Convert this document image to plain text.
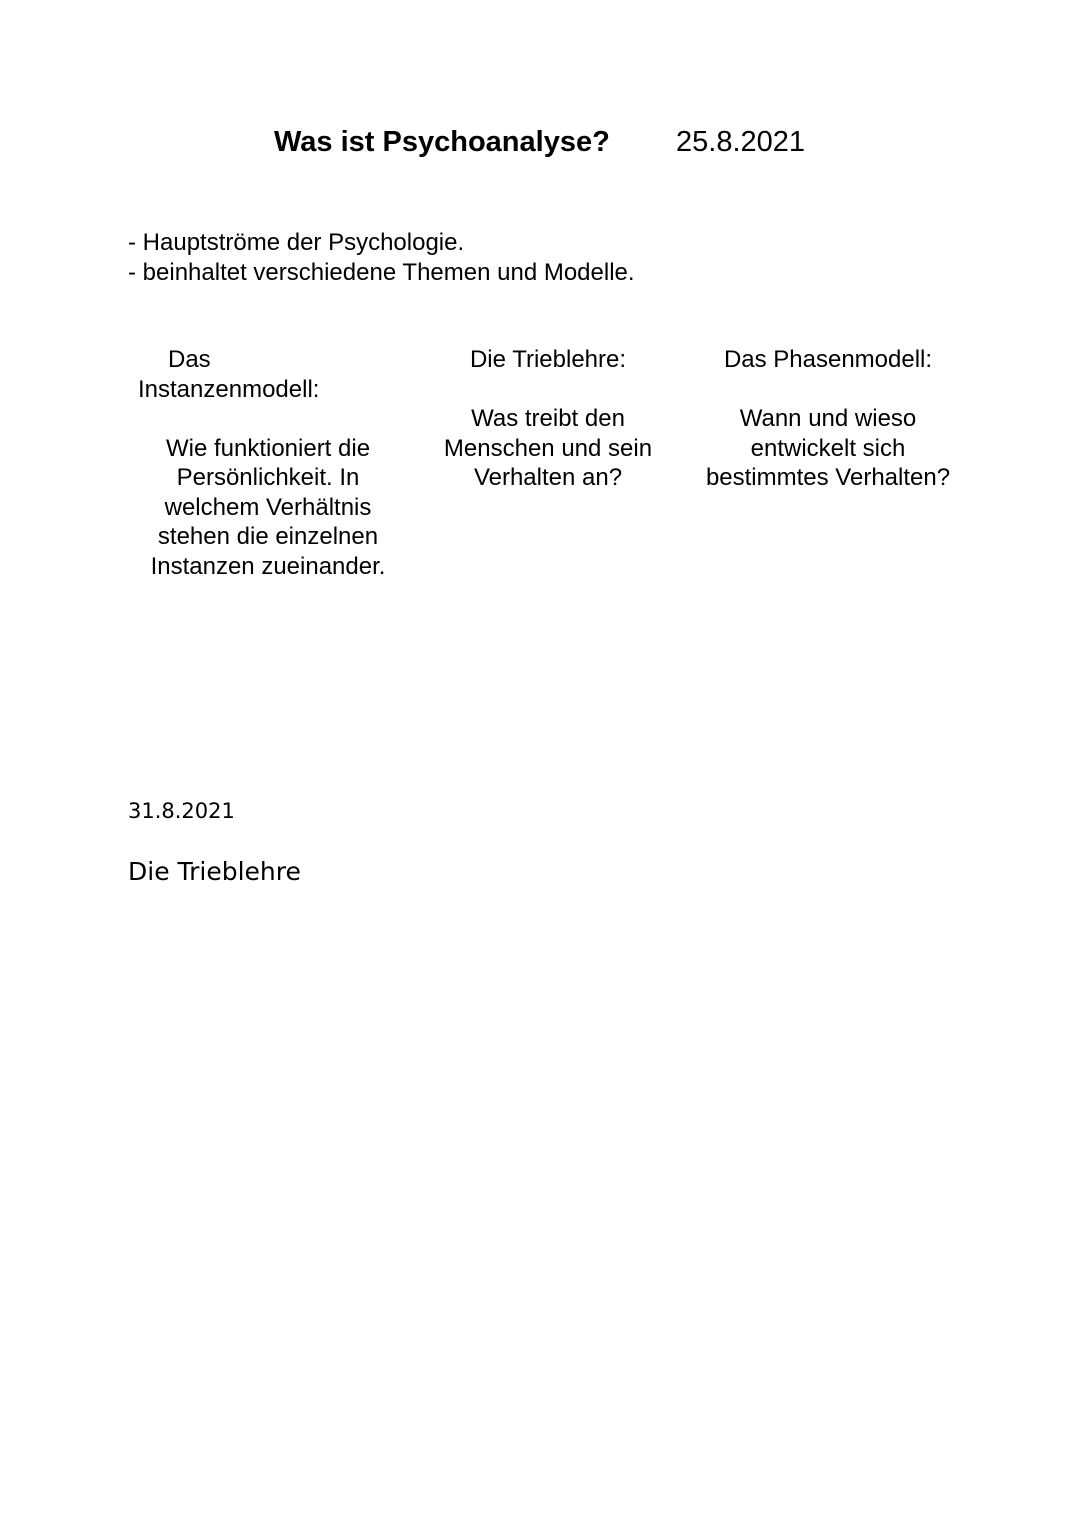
Was ist Psychoanalyse? 25.8.2021
- Hauptströme der Psychologie.
- beinhaltet verschiedene Themen und Modelle.
Das
Instanzenmodell:
Wie funktioniert die
Persönlichkeit. In
welchem Verhältnis
stehen die einzelnen
Instanzen zueinander.
Die Trieblehre:
Was treibt den
Menschen und sein
Verhalten an?
Das Phasenmodell:
Wann und wieso
entwickelt sich
bestimmtes Verhalten?
31.8.2021
Die Trieblehre
